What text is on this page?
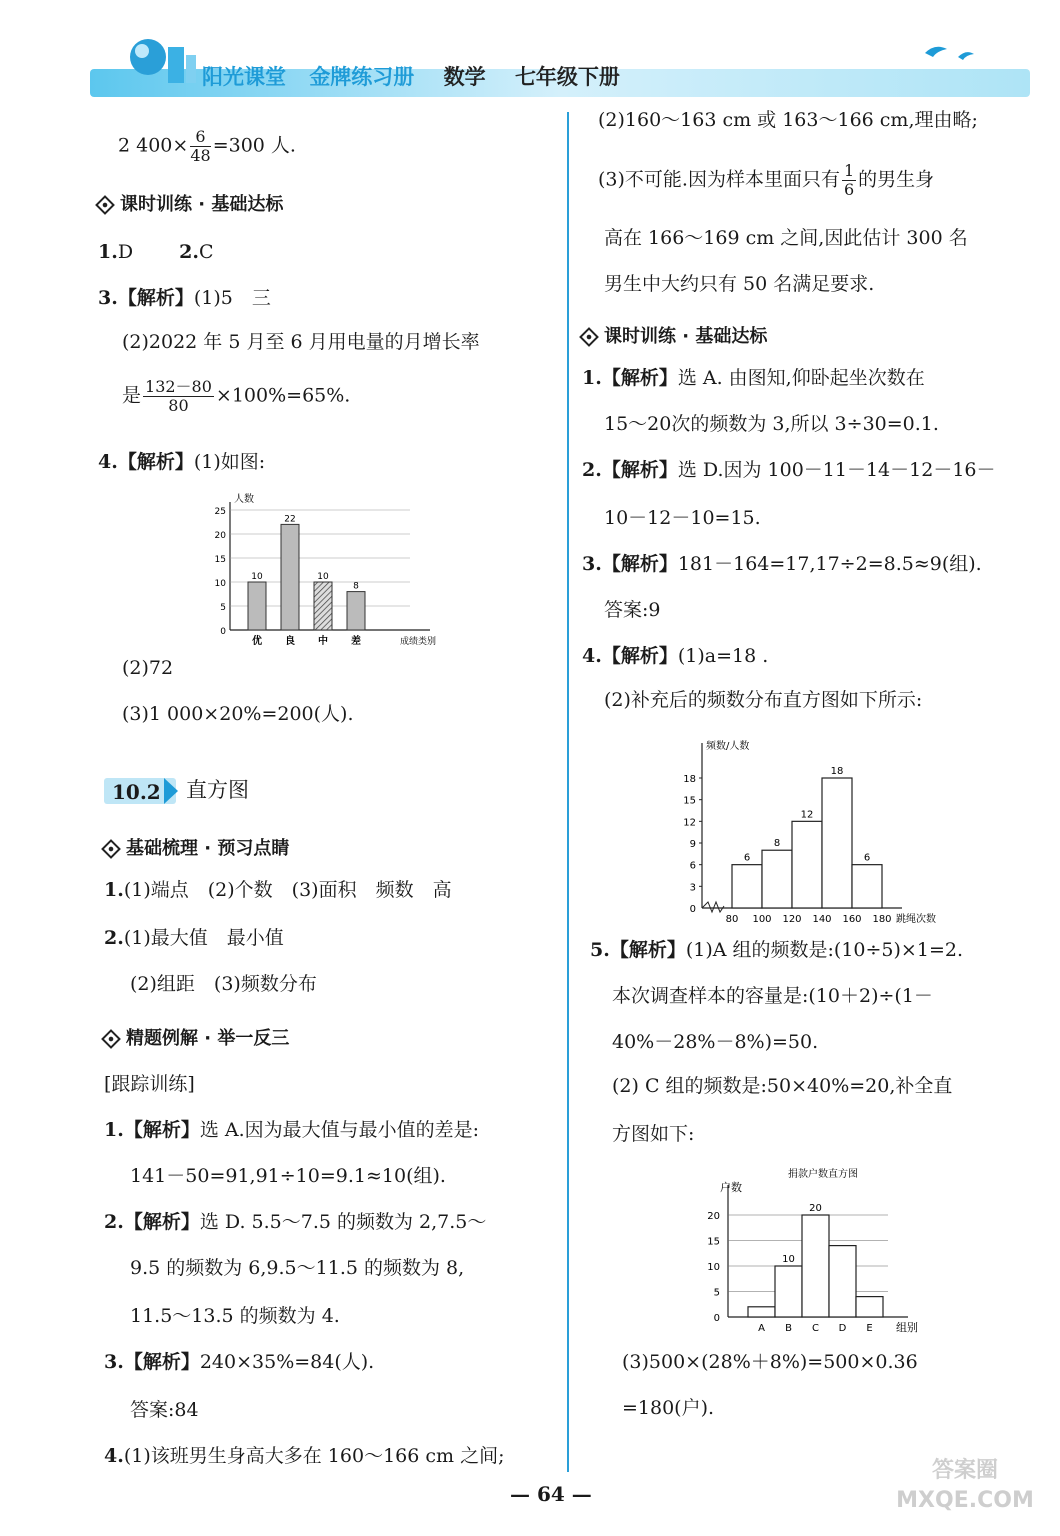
阳光课堂 金牌练习册 数学 七年级下册
2 $400\times \frac{6}{48} =300$ 人.
课时训练 · 基础达标
1.D 2.C
3.【解析】(1)5　三
(2)2022 年 5 月至 6 月用电量的月增长率
是 $\frac{132-80}{80} \times 100\%=65\%$.
4.【解析】(1)如图:
人数
成绩类别
0
5
10
15
20
25
10
优
22
良
10
中
8
差
(2)72
(3)1 000×20%=200(人).
10.2 直方图
基础梳理 · 预习点睛
1.(1)端点　(2)个数　(3)面积　频数　高
2.(1)最大值　最小值
(2)组距　(3)频数分布
精题例解 · 举一反三
[跟踪训练]
1.【解析】选 A.因为最大值与最小值的差是:
141－50=91,91÷10=9.1≈10(组).
2.【解析】选 D. 5.5～7.5 的频数为 2,7.5～
9.5 的频数为 6,9.5～11.5 的频数为 8,
11.5～13.5 的频数为 4.
3.【解析】240×35%=84(人).
答案:84
4.(1)该班男生身高大多在 160～166 cm 之间;
(2)160～163 cm 或 163～166 cm,理由略;
(3)不可能.因为样本里面只有 $\frac{1}{6}$ 的男生身
高在 166～169 cm 之间,因此估计 300 名
男生中大约只有 50 名满足要求.
课时训练 · 基础达标
1.【解析】选 A. 由图知,仰卧起坐次数在
15～20次的频数为 3,所以 3÷30=0.1.
2.【解析】选 D.因为 100－11－14－12－16－
10－12－10=15.
3.【解析】181－164=17,17÷2=8.5≈9(组).
答案:9
4.【解析】(1)a=18 .
(2)补充后的频数分布直方图如下所示:
频数/人数
跳绳次数
0
3
6
9
12
15
18
80 100 120 140 160 180
6
8
12
18
6
5.【解析】(1)A 组的频数是:(10÷5)×1=2.
本次调查样本的容量是:(10＋2)÷(1－
40%－28%－8%)=50.
(2) C 组的频数是:50×40%=20,补全直
方图如下:
捐款户数直方图
户数
组别
0
5
10
15
20
A
10
B
20
C D E
(3)500×(28%＋8%)=500×0.36
=180(户).
— 64 —
答案圈 MXQE.COM
